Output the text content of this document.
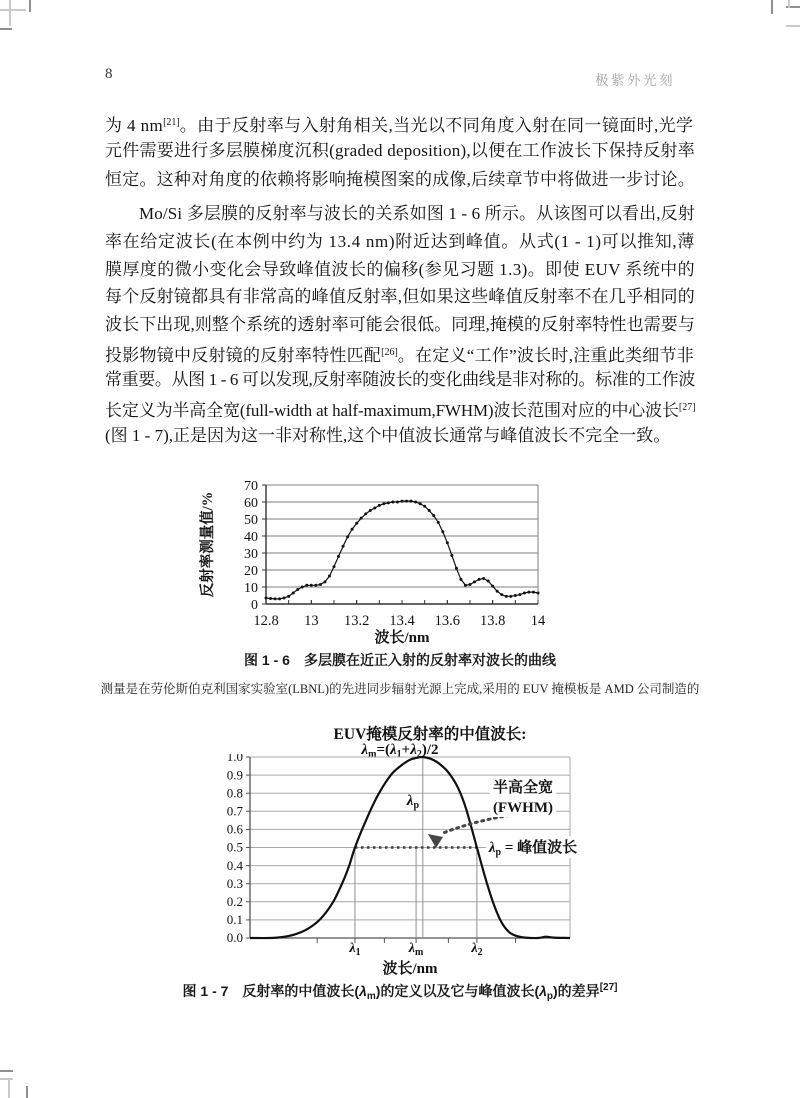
8	极紫外光刻
为 4 nm[21]。由于反射率与入射角相关,当光以不同角度入射在同一镜面时,光学
元件需要进行多层膜梯度沉积(graded deposition),以便在工作波长下保持反射率
恒定。这种对角度的依赖将影响掩模图案的成像,后续章节中将做进一步讨论。
Mo/Si 多层膜的反射率与波长的关系如图 1 - 6 所示。从该图可以看出,反射
率在给定波长(在本例中约为 13.4 nm)附近达到峰值。从式(1 - 1)可以推知,薄
膜厚度的微小变化会导致峰值波长的偏移(参见习题 1.3)。即使 EUV 系统中的
每个反射镜都具有非常高的峰值反射率,但如果这些峰值反射率不在几乎相同的
波长下出现,则整个系统的透射率可能会很低。同理,掩模的反射率特性也需要与
投影物镜中反射镜的反射率特性匹配[26]。在定义“工作”波长时,注重此类细节非
常重要。从图 1 - 6 可以发现,反射率随波长的变化曲线是非对称的。标准的工作波
长定义为半高全宽(full-width at half-maximum,FWHM)波长范围对应的中心波长[27]
(图 1 - 7),正是因为这一非对称性,这个中值波长通常与峰值波长不完全一致。
0
10
20
30
40
50
60
70
12.8 13 13.2 13.4 13.6 13.8 14
波长/nm
反射率测量值/%
图 1 - 6　多层膜在近正入射的反射率对波长的曲线
测量是在劳伦斯伯克利国家实验室(LBNL)的先进同步辐射光源上完成,采用的 EUV 掩模板是 AMD 公司制造的
EUV掩模反射率的中值波长:
$\lambda_m=(\lambda_1+\lambda_2)/2$
0.0
0.1
0.2
0.3
0.4
0.5
0.6
0.7
0.8
0.9
1.0
$\lambda_p$
半高全宽
(FWHM)
$\lambda_p$ = 峰值波长
$\lambda_1$	$\lambda_m$	$\lambda_2$
波长/nm
图 1 - 7　反射率的中值波长$(\lambda_m)$的定义以及它与峰值波长$(\lambda_p)$的差异[27]
